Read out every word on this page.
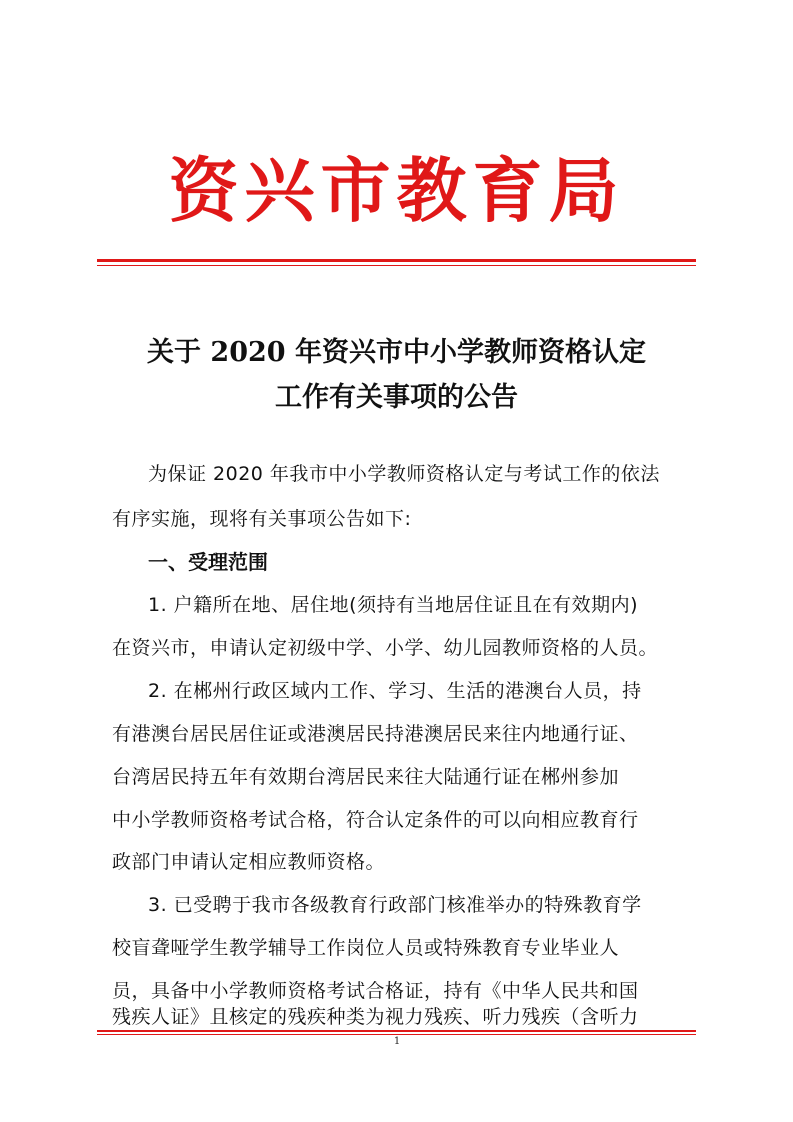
资兴市教育局
关于 2020 年资兴市中小学教师资格认定
工作有关事项的公告
为保证 2020 年我市中小学教师资格认定与考试工作的依法
有序实施，现将有关事项公告如下:
一、受理范围
1. 户籍所在地、居住地(须持有当地居住证且在有效期内)
在资兴市，申请认定初级中学、小学、幼儿园教师资格的人员。
2. 在郴州行政区域内工作、学习、生活的港澳台人员，持
有港澳台居民居住证或港澳居民持港澳居民来往内地通行证、
台湾居民持五年有效期台湾居民来往大陆通行证在郴州参加
中小学教师资格考试合格，符合认定条件的可以向相应教育行
政部门申请认定相应教师资格。
3. 已受聘于我市各级教育行政部门核准举办的特殊教育学
校盲聋哑学生教学辅导工作岗位人员或特殊教育专业毕业人
员，具备中小学教师资格考试合格证，持有《中华人民共和国
残疾人证》且核定的残疾种类为视力残疾、听力残疾（含听力
1
